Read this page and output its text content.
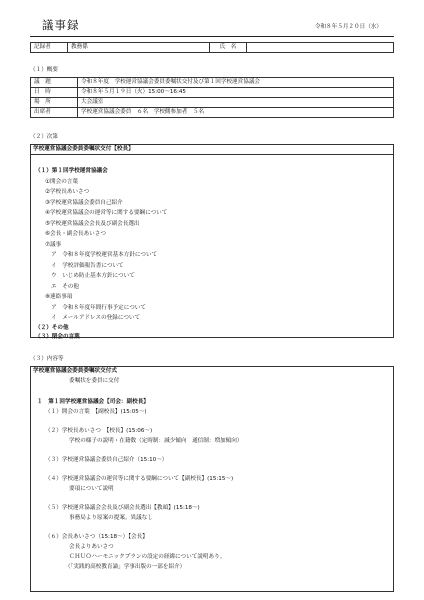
議事録	令和８年５月２０日（水）
記録者	教務係	氏　名	
（１）概要
議　題	令和８年度　学校運営協議会委員委嘱状交付及び第１回学校運営協議会
日　時	令和８年５月１９日（火）15:00〜16:45
場　所	大会議室
出席者	学校運営協議会委員　６名　学校側参加者　５名
（２）次第
学校運営協議会委員委嘱状交付【校長】
（１）第１回学校運営協議会
①開会の言葉
②学校長あいさつ
③学校運営協議会委員自己紹介
④学校運営協議会の運営等に関する要綱について
⑤学校運営協議会会長及び副会長選出
⑥会長・副会長あいさつ
⑦議事
ア　令和８年度学校運営基本方針について
イ　学校評価報告書について
ウ　いじめ防止基本方針について
エ　その他
⑧連絡事項
ア　令和８年度年間行事予定について
イ　メールアドレスの登録について
（２）その他
（３）閉会の言葉
（３）内容等
学校運営協議会委員委嘱状交付式
委嘱状を委員に交付
１　第１回学校運営協議会【司会：副校長】
（１）開会の言葉　【副校長】(15:05〜)
（２）学校長あいさつ　【校長】(15:06〜)
学校の様子の説明・在籍数（定時制：減少傾向　通信制：増加傾向）
（３）学校運営協議会委員自己紹介（15:10〜）
（４）学校運営協議会の運営等に関する要綱について【副校長】(15:15〜)
要項について説明
（５）学校運営協議会会長及び副会長選出【教頭】(15:18〜)
事務局より原案の提案。異議なし
（６）会長あいさつ（15:18〜）【会長】
会長よりあいさつ
ＣＨＵＯハーモニックプランの設定の経緯について説明あり。
（「実践的高校教育論」学事出版の一部を紹介）
